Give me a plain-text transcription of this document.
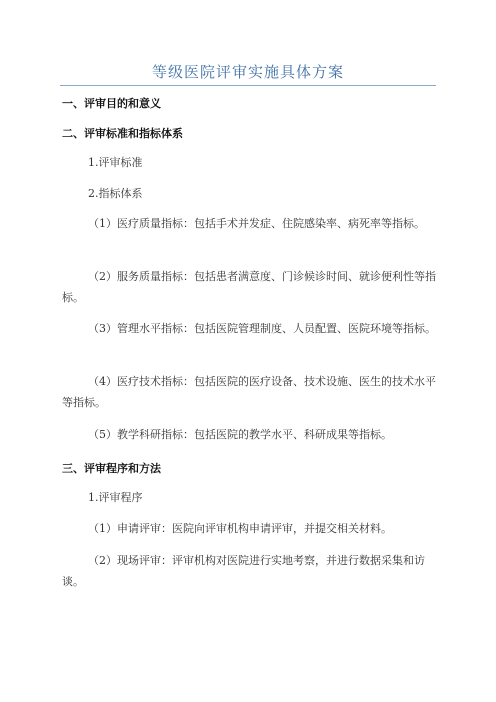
等级医院评审实施具体方案
一、评审目的和意义
二、评审标准和指标体系
1.评审标准
2.指标体系
（1）医疗质量指标：包括手术并发症、住院感染率、病死率等指标。
（2）服务质量指标：包括患者满意度、门诊候诊时间、就诊便利性等指标。
（3）管理水平指标：包括医院管理制度、人员配置、医院环境等指标。
（4）医疗技术指标：包括医院的医疗设备、技术设施、医生的技术水平等指标。
（5）教学科研指标：包括医院的教学水平、科研成果等指标。
三、评审程序和方法
1.评审程序
（1）申请评审：医院向评审机构申请评审，并提交相关材料。
（2）现场评审：评审机构对医院进行实地考察，并进行数据采集和访谈。
